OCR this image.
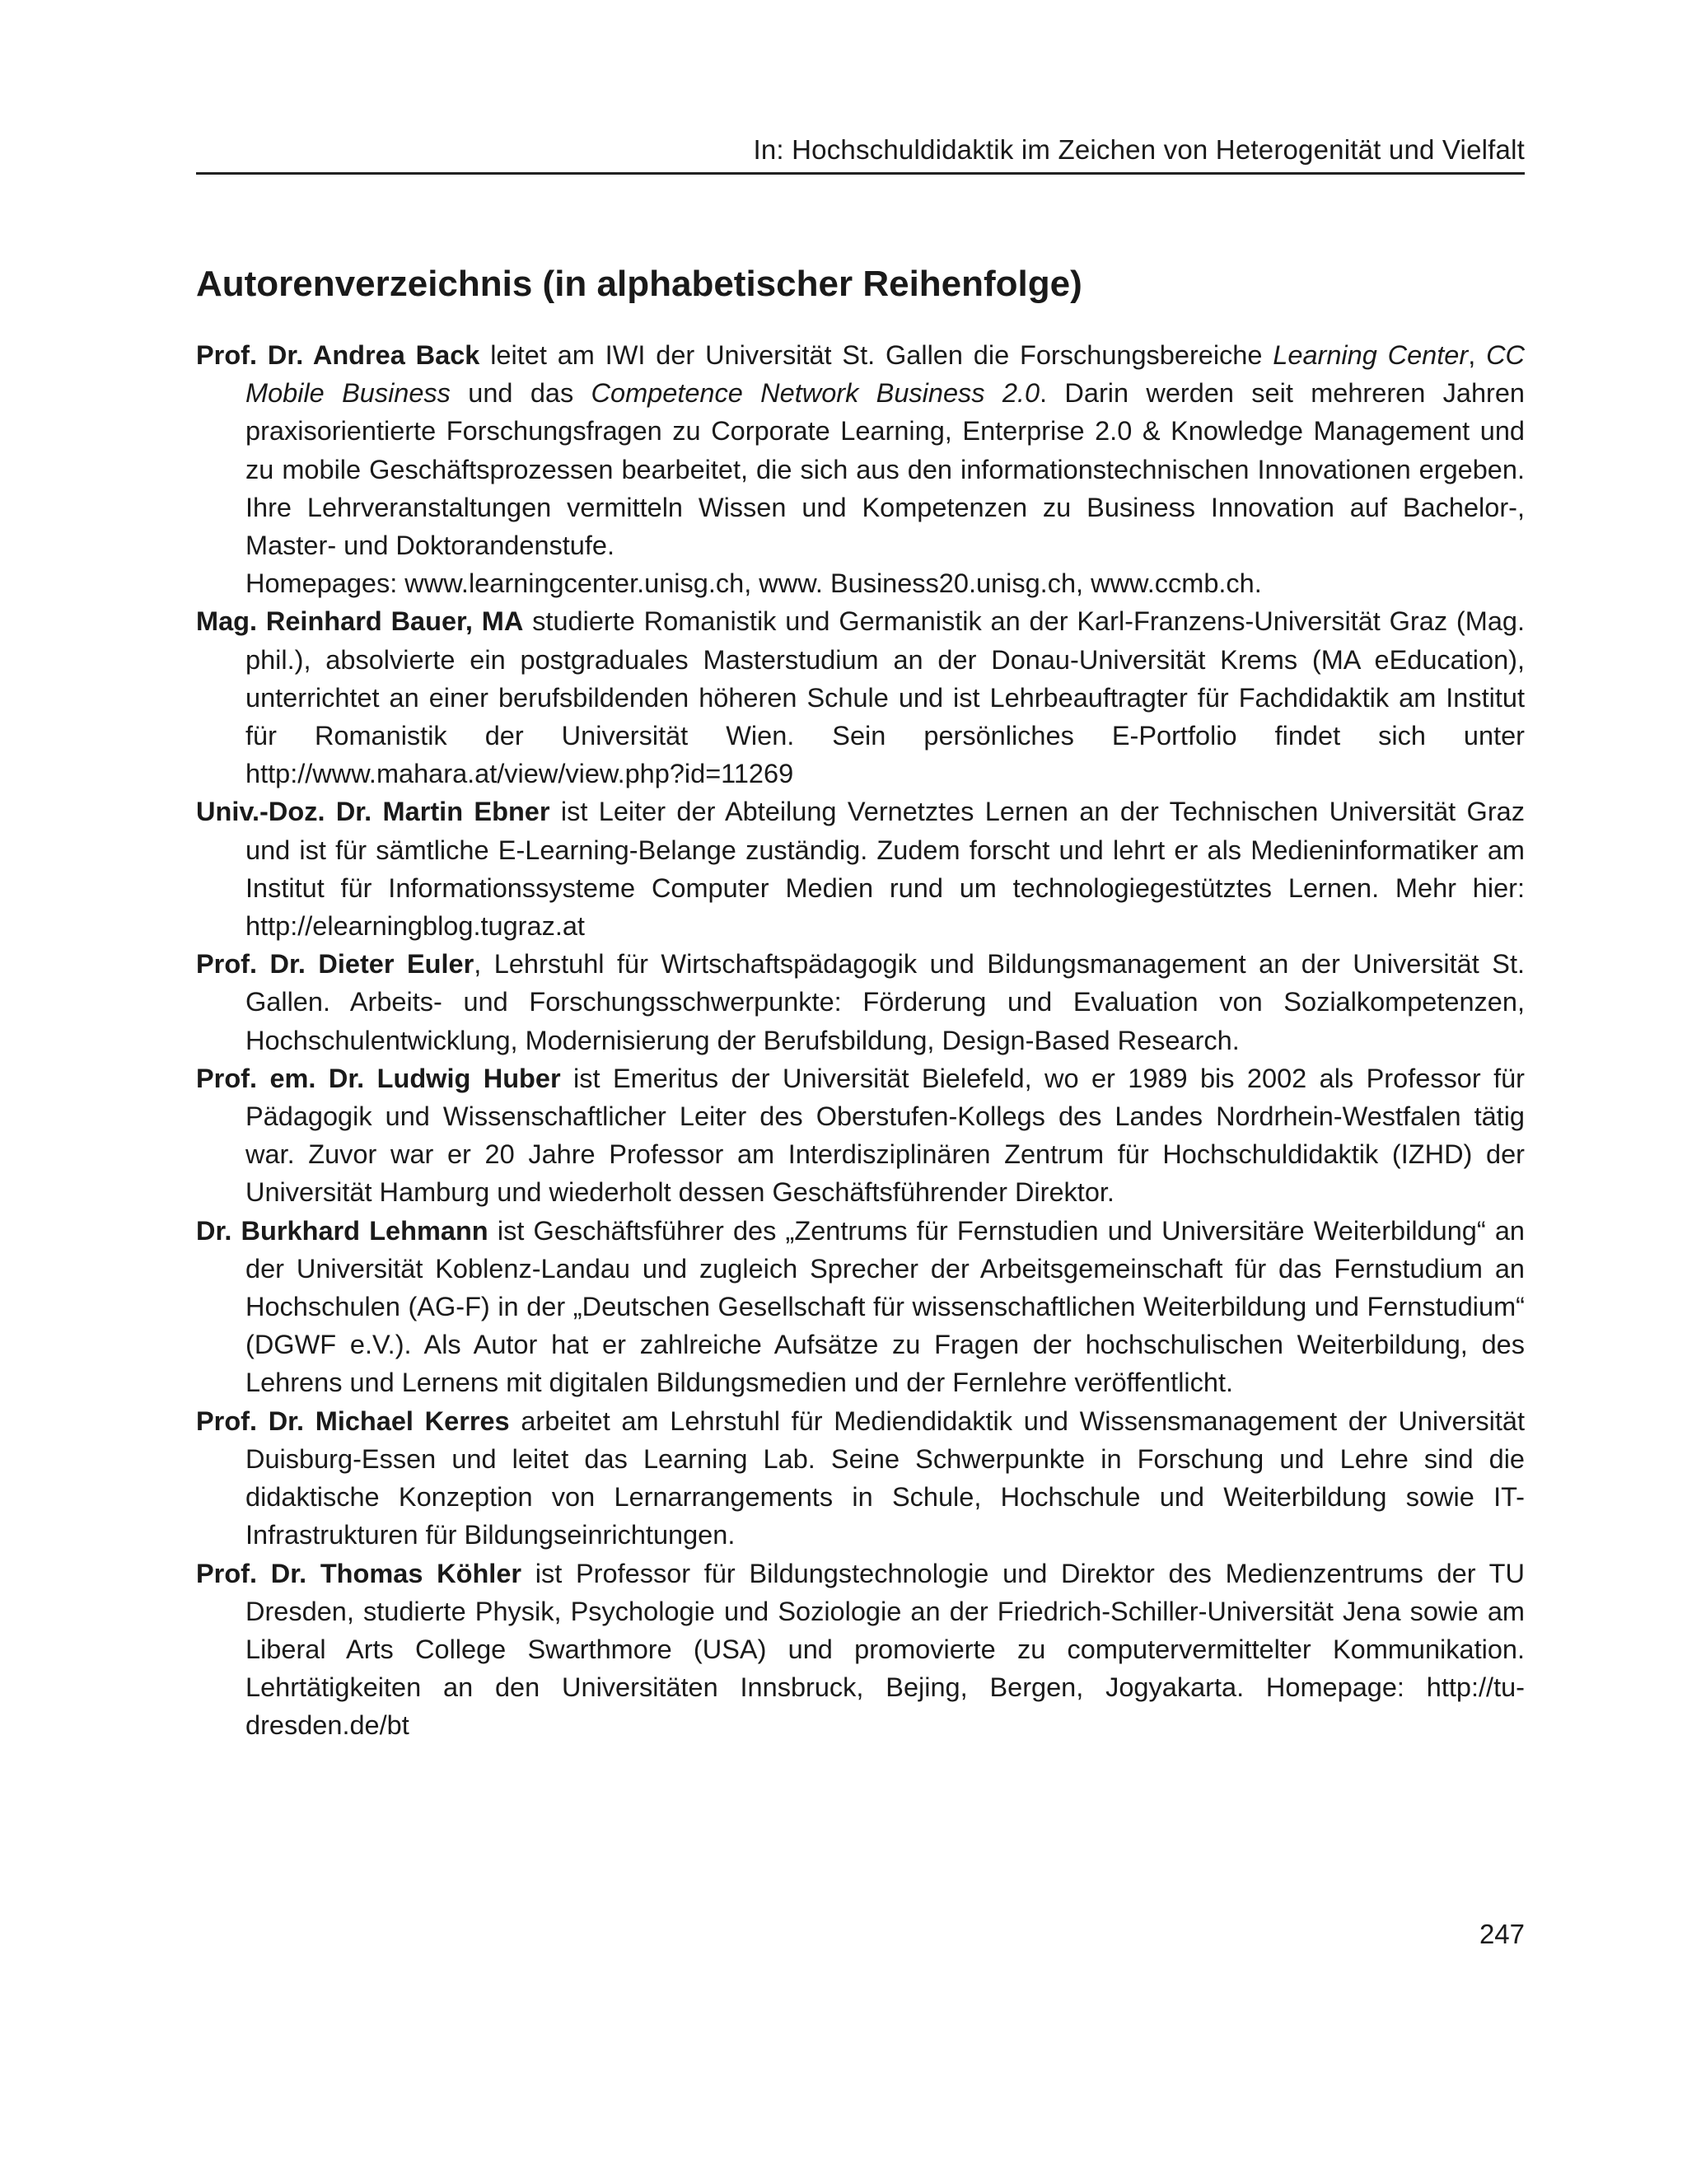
In: Hochschuldidaktik im Zeichen von Heterogenität und Vielfalt
Autorenverzeichnis (in alphabetischer Reihenfolge)

Prof. Dr. Andrea Back leitet am IWI der Universität St. Gallen die Forschungsbereiche Learning Center, CC Mobile Business und das Competence Network Business 2.0. Darin werden seit mehreren Jahren praxisorientierte Forschungsfragen zu Corporate Learning, Enterprise 2.0 & Knowledge Management und zu mobile Geschäftsprozessen bearbeitet, die sich aus den informationstechnischen Innovationen ergeben. Ihre Lehrveranstaltungen vermitteln Wissen und Kompetenzen zu Business Innovation auf Bachelor-, Master- und Doktorandenstufe.
Homepages: www.learningcenter.unisg.ch, www. Business20.unisg.ch, www.ccmb.ch.

Mag. Reinhard Bauer, MA studierte Romanistik und Germanistik an der Karl-Franzens-Universität Graz (Mag. phil.), absolvierte ein postgraduales Masterstudium an der Donau-Universität Krems (MA eEducation), unterrichtet an einer berufsbildenden höheren Schule und ist Lehrbeauftragter für Fachdidaktik am Institut für Romanistik der Universität Wien. Sein persönliches E-Portfolio findet sich unter http://www.mahara.at/view/view.php?id=11269

Univ.-Doz. Dr. Martin Ebner ist Leiter der Abteilung Vernetztes Lernen an der Technischen Universität Graz und ist für sämtliche E-Learning-Belange zuständig. Zudem forscht und lehrt er als Medieninformatiker am Institut für Informationssysteme Computer Medien rund um technologiegestütztes Lernen. Mehr hier: http://elearningblog.tugraz.at

Prof. Dr. Dieter Euler, Lehrstuhl für Wirtschaftspädagogik und Bildungsmanagement an der Universität St. Gallen. Arbeits- und Forschungsschwerpunkte: Förderung und Evaluation von Sozialkompetenzen, Hochschulentwicklung, Modernisierung der Berufsbildung, Design-Based Research.

Prof. em. Dr. Ludwig Huber ist Emeritus der Universität Bielefeld, wo er 1989 bis 2002 als Professor für Pädagogik und Wissenschaftlicher Leiter des Oberstufen-Kollegs des Landes Nordrhein-Westfalen tätig war. Zuvor war er 20 Jahre Professor am Interdisziplinären Zentrum für Hochschuldidaktik (IZHD) der Universität Hamburg und wiederholt dessen Geschäftsführender Direktor.

Dr. Burkhard Lehmann ist Geschäftsführer des „Zentrums für Fernstudien und Universitäre Weiterbildung“ an der Universität Koblenz-Landau und zugleich Sprecher der Arbeitsgemeinschaft für das Fernstudium an Hochschulen (AG-F) in der „Deutschen Gesellschaft für wissenschaftlichen Weiterbildung und Fernstudium“ (DGWF e.V.). Als Autor hat er zahlreiche Aufsätze zu Fragen der hochschulischen Weiterbildung, des Lehrens und Lernens mit digitalen Bildungsmedien und der Fernlehre veröffentlicht.

Prof. Dr. Michael Kerres arbeitet am Lehrstuhl für Mediendidaktik und Wissensmanagement der Universität Duisburg-Essen und leitet das Learning Lab. Seine Schwerpunkte in Forschung und Lehre sind die didaktische Konzeption von Lernarrangements in Schule, Hochschule und Weiterbildung sowie IT-Infrastrukturen für Bildungseinrichtungen.

Prof. Dr. Thomas Köhler ist Professor für Bildungstechnologie und Direktor des Medienzentrums der TU Dresden, studierte Physik, Psychologie und Soziologie an der Friedrich-Schiller-Universität Jena sowie am Liberal Arts College Swarthmore (USA) und promovierte zu computervermittelter Kommunikation. Lehrtätigkeiten an den Universitäten Innsbruck, Bejing, Bergen, Jogyakarta. Homepage: http://tu-dresden.de/bt

247
